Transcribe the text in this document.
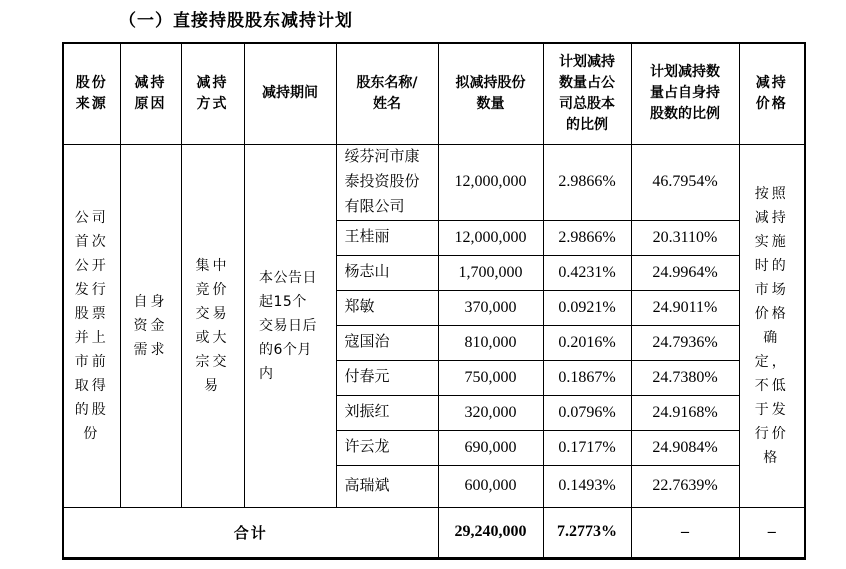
（一）直接持股股东减持计划
股份来源	减持原因	减持方式	减持期间	股东名称/姓名	拟减持股份数量	计划减持数量占公司总股本的比例	计划减持数量占自身持股数的比例	减持价格

公司首次公开发行股票并上市前取得的股份	自身资金需求	集中竞价交易或大宗交易	本公告日起15个交易日后的6个月内	绥芬河市康泰投资股份有限公司	12,000,000	2.9866%	46.7954%	按照减持实施时的市场价格确定，不低于发行价格

				王桂丽	12,000,000	2.9866%	20.3110%	
				杨志山	1,700,000	0.4231%	24.9964%	
				郑敏	370,000	0.0921%	24.9011%	
				寇国治	810,000	0.2016%	24.7936%	
				付春元	750,000	0.1867%	24.7380%	
				刘振红	320,000	0.0796%	24.9168%	
				许云龙	690,000	0.1717%	24.9084%	
				高瑞斌	600,000	0.1493%	22.7639%	
合计					29,240,000	7.2773%	–	–
